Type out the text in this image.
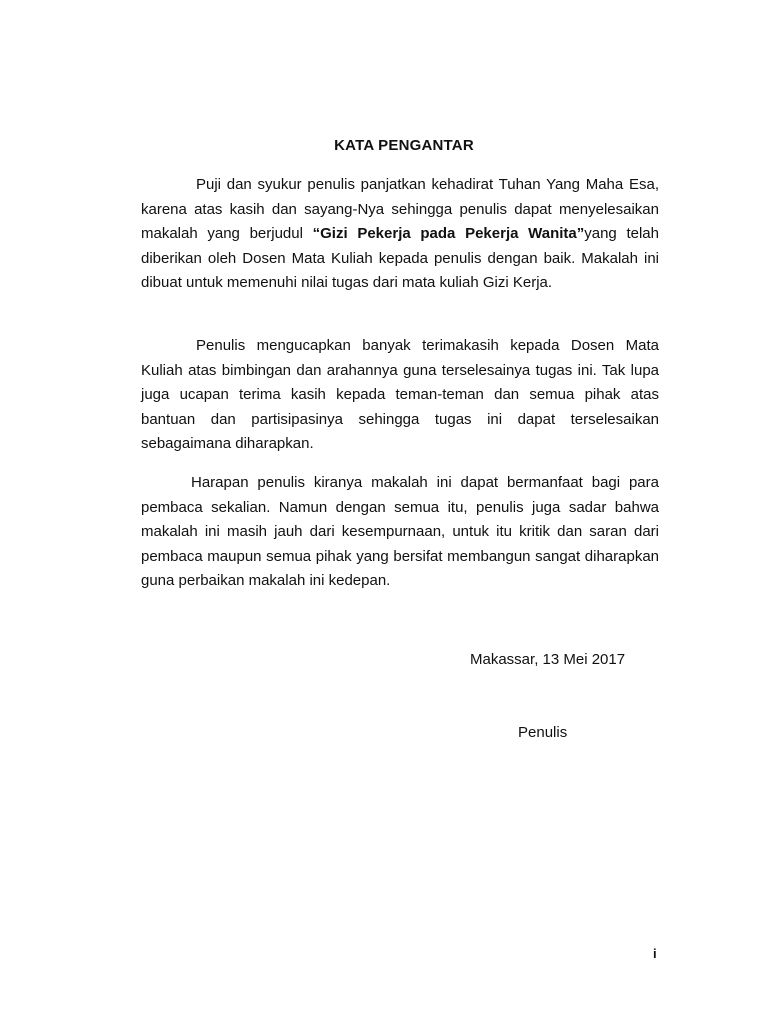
KATA PENGANTAR

Puji dan syukur penulis panjatkan kehadirat Tuhan Yang Maha Esa, karena atas kasih dan sayang-Nya sehingga penulis dapat menyelesaikan makalah yang berjudul “Gizi Pekerja pada Pekerja Wanita”yang telah diberikan oleh Dosen Mata Kuliah kepada penulis dengan baik. Makalah ini dibuat untuk memenuhi nilai tugas dari mata kuliah Gizi Kerja.

Penulis mengucapkan banyak terimakasih kepada Dosen Mata Kuliah atas bimbingan dan arahannya guna terselesainya tugas ini. Tak lupa juga ucapan terima kasih kepada teman-teman dan semua pihak atas bantuan dan partisipasinya sehingga tugas ini dapat terselesaikan sebagaimana diharapkan.

Harapan penulis kiranya makalah ini dapat bermanfaat bagi para pembaca sekalian. Namun dengan semua itu, penulis juga sadar bahwa makalah ini masih jauh dari kesempurnaan, untuk itu kritik dan saran dari pembaca maupun semua pihak yang bersifat membangun sangat diharapkan guna perbaikan makalah ini kedepan.

Makassar, 13 Mei 2017
Penulis
i
